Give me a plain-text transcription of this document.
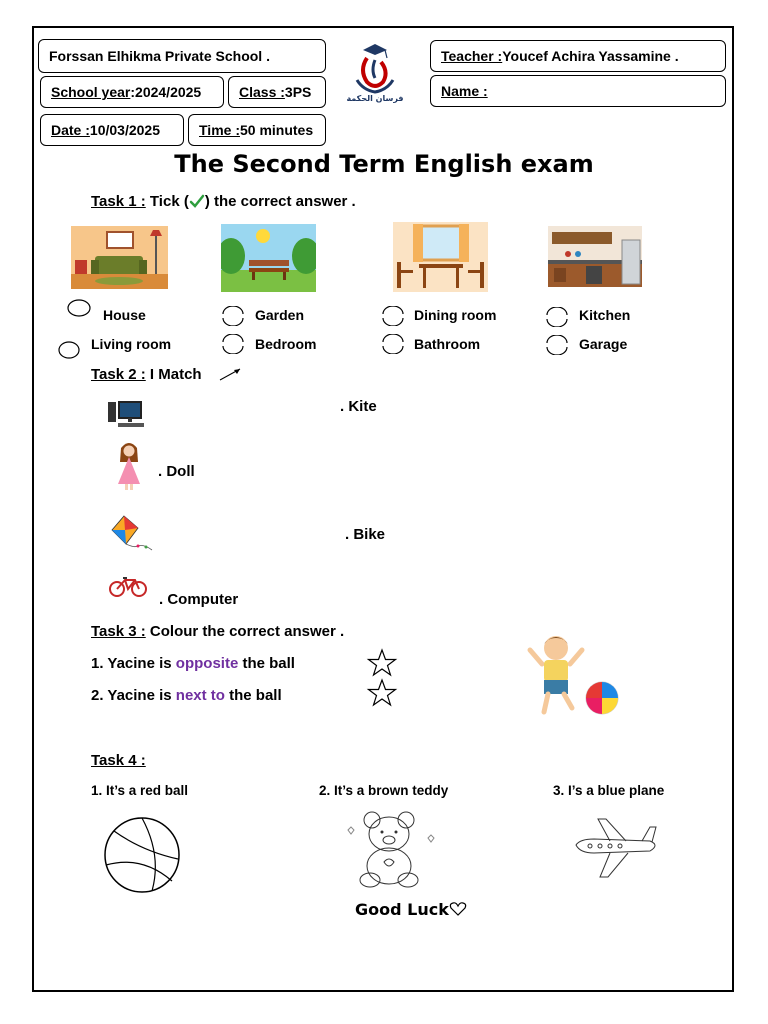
Forssan Elhikma Private School .
School year :2024/2025	Class : 3PS
Date : 10/03/2025	Time : 50 minutes
Teacher : Youcef Achira Yassamine .
Name :
فرسان الحكمة
The Second Term English exam
Task 1 : Tick ( ) the correct answer .
House
Living room
Garden
Bedroom
Dining room
Bathroom
Kitchen
Garage
Task 2 : I Match
. Kite
. Doll
. Bike
. Computer
Task 3 : Colour the correct answer .
1. Yacine is opposite the ball
2. Yacine is next to the ball
Task 4 :
1. It’s a red ball	2. It’s a brown teddy	3. I’s a blue plane
Good Luck
